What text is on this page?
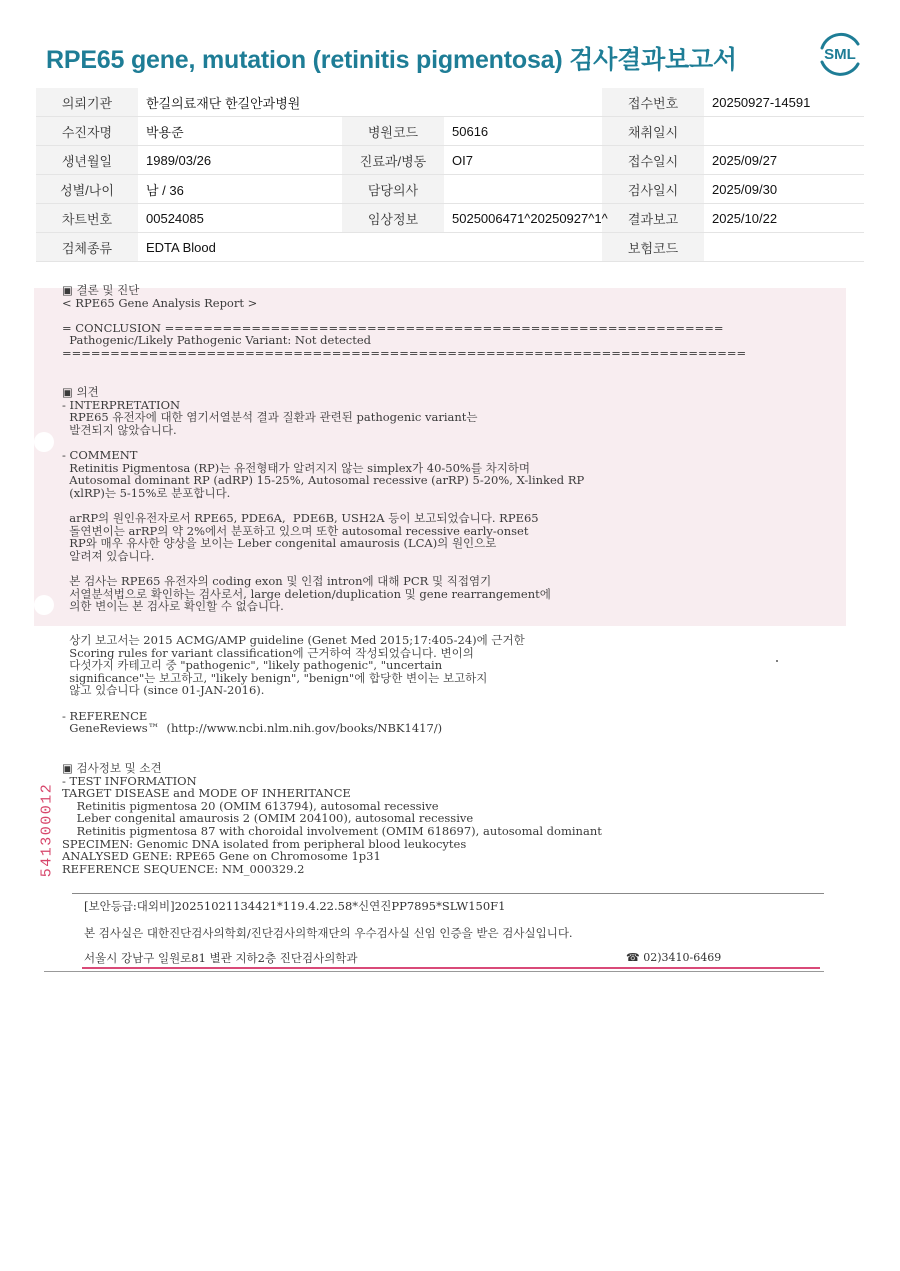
RPE65 gene, mutation (retinitis pigmentosa) 검사결과보고서	SML
의뢰기관	한길의료재단 한길안과병원			접수번호	20250927-14591
수진자명	박용준	병원코드	50616	채취일시	
생년월일	1989/03/26	진료과/병동	OI7	접수일시	2025/09/27
성별/나이	남 / 36	담당의사		검사일시	2025/09/30
차트번호	00524085	임상정보	5025006471^20250927^1^	결과보고	2025/10/22
검체종류	EDTA Blood			보험코드	
▣ 결론 및 진단
< RPE65 Gene Analysis Report >
= CONCLUSION ==========================================================
Pathogenic/Likely Pathogenic Variant: Not detected
=======================================================================
▣ 의견
- INTERPRETATION
RPE65 유전자에 대한 염기서열분석 결과 질환과 관련된 pathogenic variant는
발견되지 않았습니다.
- COMMENT
Retinitis Pigmentosa (RP)는 유전형태가 알려지지 않는 simplex가 40-50%를 차지하며
Autosomal dominant RP (adRP) 15-25%, Autosomal recessive (arRP) 5-20%, X-linked RP
(xlRP)는 5-15%로 분포합니다.
arRP의 원인유전자로서 RPE65, PDE6A,  PDE6B, USH2A 등이 보고되었습니다. RPE65
돌연변이는 arRP의 약 2%에서 분포하고 있으며 또한 autosomal recessive early-onset
RP와 매우 유사한 양상을 보이는 Leber congenital amaurosis (LCA)의 원인으로
알려져 있습니다.
본 검사는 RPE65 유전자의 coding exon 및 인접 intron에 대해 PCR 및 직접염기
서열분석법으로 확인하는 검사로서, large deletion/duplication 및 gene rearrangement에
의한 변이는 본 검사로 확인할 수 없습니다.
상기 보고서는 2015 ACMG/AMP guideline (Genet Med 2015;17:405-24)에 근거한
Scoring rules for variant classification에 근거하여 작성되었습니다. 변이의
다섯가지 카테고리 중 "pathogenic", "likely pathogenic", "uncertain
significance"는 보고하고, "likely benign", "benign"에 합당한 변이는 보고하지
않고 있습니다 (since 01-JAN-2016).
- REFERENCE
GeneReviews™  (http://www.ncbi.nlm.nih.gov/books/NBK1417/)
▣ 검사정보 및 소견
- TEST INFORMATION
TARGET DISEASE and MODE OF INHERITANCE
Retinitis pigmentosa 20 (OMIM 613794), autosomal recessive
Leber congenital amaurosis 2 (OMIM 204100), autosomal recessive
Retinitis pigmentosa 87 with choroidal involvement (OMIM 618697), autosomal dominant
SPECIMEN: Genomic DNA isolated from peripheral blood leukocytes
ANALYSED GENE: RPE65 Gene on Chromosome 1p31
REFERENCE SEQUENCE: NM_000329.2
541300012
[보안등급:대외비]20251021134421*119.4.22.58*신연진PP7895*SLW150F1
본 검사실은 대한진단검사의학회/진단검사의학재단의 우수검사실 신임 인증을 받은 검사실입니다.
서울시 강남구 일원로81 별관 지하2층 진단검사의학과	☎ 02)3410-6469
